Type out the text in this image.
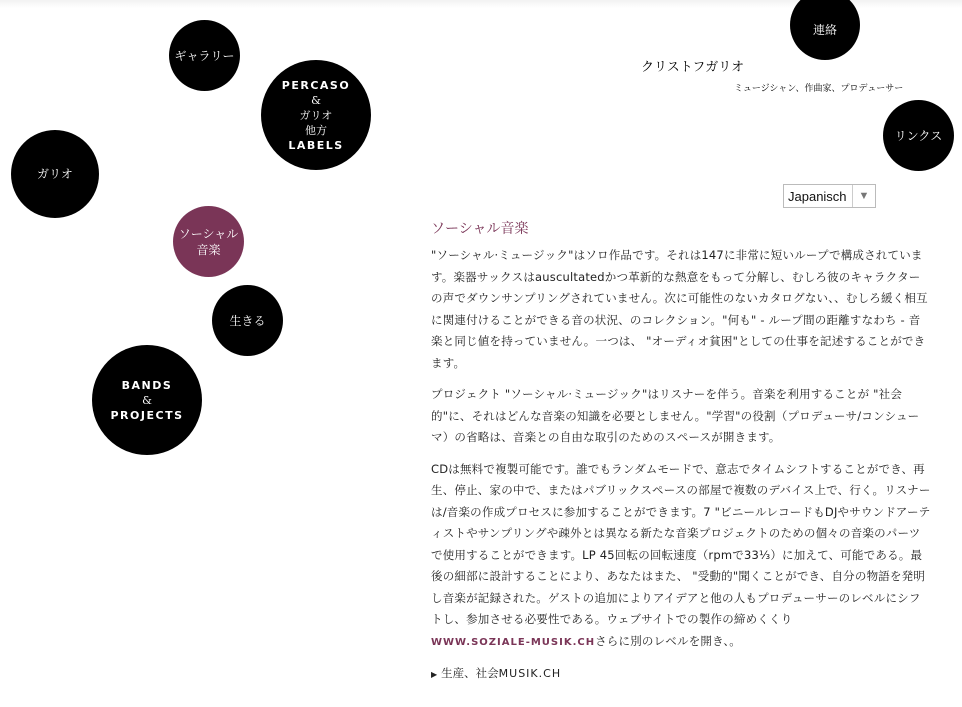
連絡
ギャラリー
PERCASO
&
ガリオ
他方
LABELS
ガリオ
リンクス
ソーシャル
音楽
生きる
BANDS
&
PROJECTS
クリストフガリオ
ミュージシャン、作曲家、プロデューサー
Japanisch	▼
ソーシャル音楽

"ソーシャル·ミュージック"はソロ作品です。それは147に非常に短いループで構成されています。楽器サックスはauscultatedかつ革新的な熱意をもって分解し、むしろ彼のキャラクターの声でダウンサンプリングされていません。次に可能性のないカタログない、、むしろ緩く相互に関連付けることができる音の状況、のコレクション。"何も" - ループ間の距離すなわち - 音楽と同じ値を持っていません。一つは、 "オーディオ貧困"としての仕事を記述することができます。

プロジェクト "ソーシャル·ミュージック"はリスナーを伴う。音楽を利用することが "社会的"に、それはどんな音楽の知識を必要としません。"学習"の役割（プロデューサ/コンシューマ）の省略は、音楽との自由な取引のためのスペースが開きます。

CDは無料で複製可能です。誰でもランダムモードで、意志でタイムシフトすることができ、再生、停止、家の中で、またはパブリックスペースの部屋で複数のデバイス上で、行く。リスナーは/音楽の作成プロセスに参加することができます。7 "ビニールレコードもDJやサウンドアーティストやサンプリングや疎外とは異なる新たな音楽プロジェクトのための個々の音楽のパーツで使用することができます。LP 45回転の回転速度（rpmで33⅓）に加えて、可能である。最後の細部に設計することにより、あなたはまた、 "受動的"聞くことができ、自分の物語を発明し音楽が記録された。ゲストの追加によりアイデアと他の人もプロデューサーのレベルにシフトし、参加させる必要性である。ウェブサイトでの製作の締めくくり
WWW.SOZIALE-MUSIK.CHさらに別のレベルを開き、。

▶ 生産、社会MUSIK.CH
